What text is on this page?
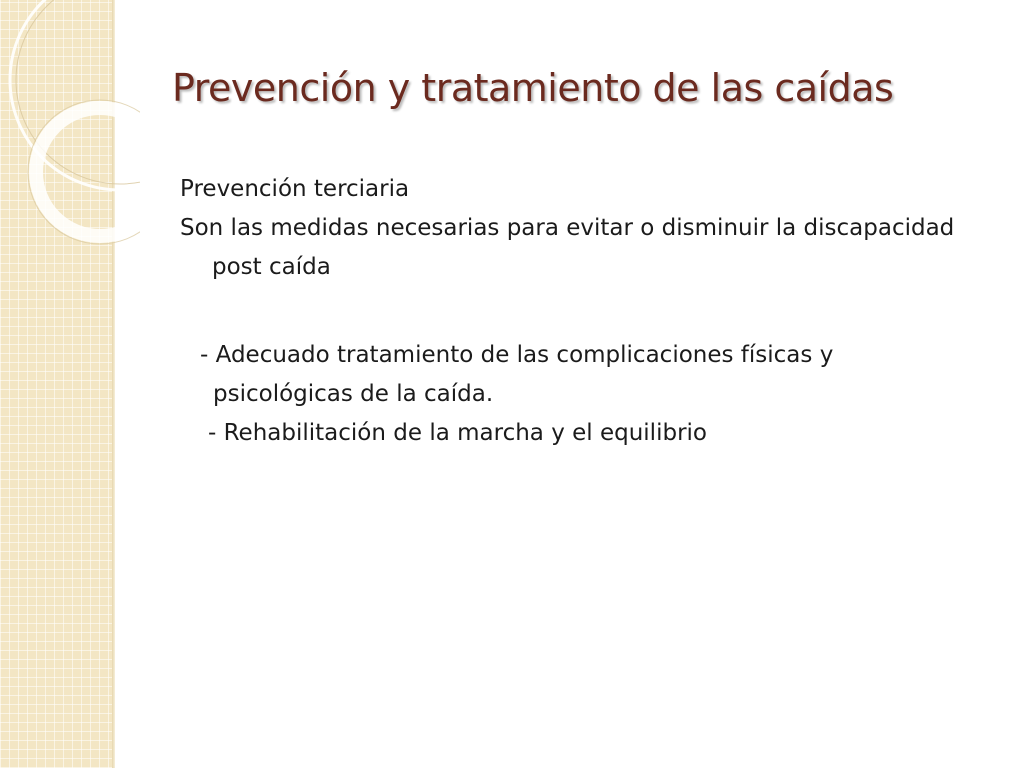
Prevención y tratamiento de las caídas

Prevención terciaria

Son las medidas necesarias para evitar o disminuir la discapacidad post caída

- Adecuado tratamiento de las complicaciones físicas y psicológicas de la caída.

- Rehabilitación de la marcha y el equilibrio
